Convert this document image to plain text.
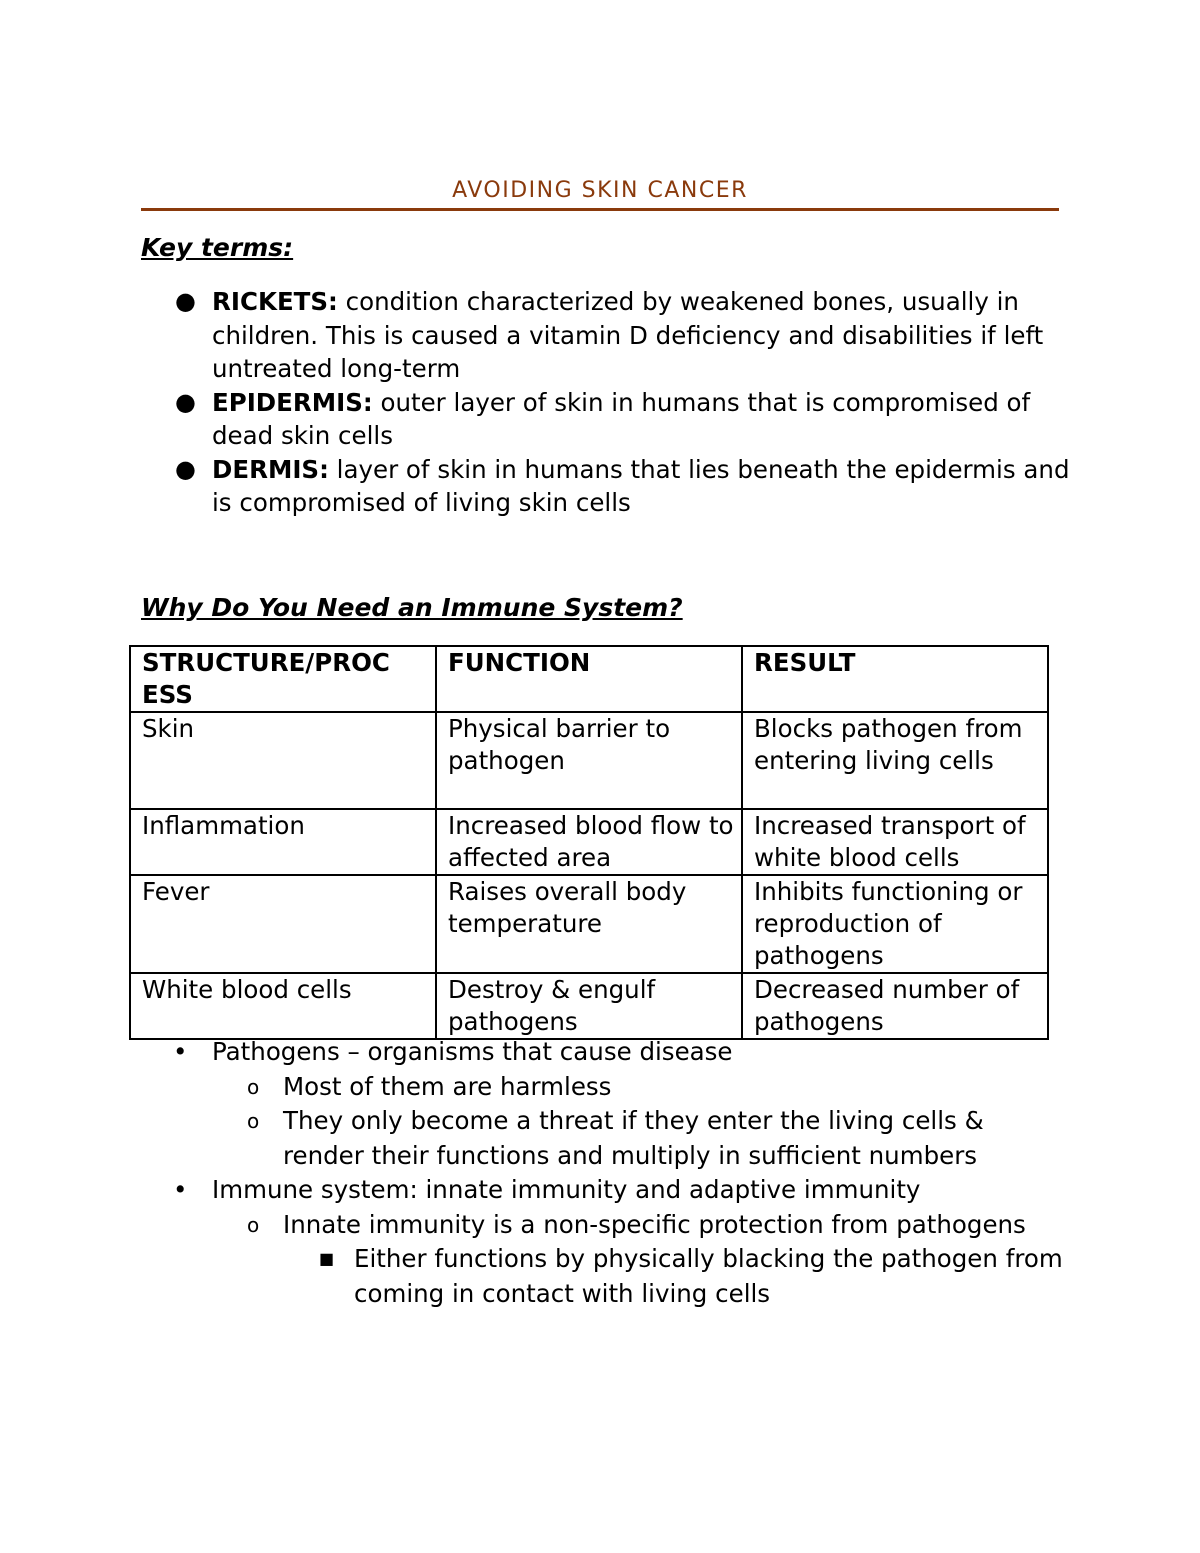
AVOIDING SKIN CANCER
Key terms:
● RICKETS: condition characterized by weakened bones, usually in children. This is caused a vitamin D deficiency and disabilities if left untreated long-term
● EPIDERMIS: outer layer of skin in humans that is compromised of dead skin cells
● DERMIS: layer of skin in humans that lies beneath the epidermis and is compromised of living skin cells
Why Do You Need an Immune System?
STRUCTURE/PROC ESS	FUNCTION	RESULT
Skin	Physical barrier to pathogen	Blocks pathogen from entering living cells
Inflammation	Increased blood flow to affected area	Increased transport of white blood cells
Fever	Raises overall body temperature	Inhibits functioning or reproduction of pathogens
White blood cells	Destroy & engulf pathogens	Decreased number of pathogens
• Pathogens – organisms that cause disease
o Most of them are harmless
o They only become a threat if they enter the living cells & render their functions and multiply in sufficient numbers
• Immune system: innate immunity and adaptive immunity
o Innate immunity is a non-specific protection from pathogens
■ Either functions by physically blacking the pathogen from coming in contact with living cells
